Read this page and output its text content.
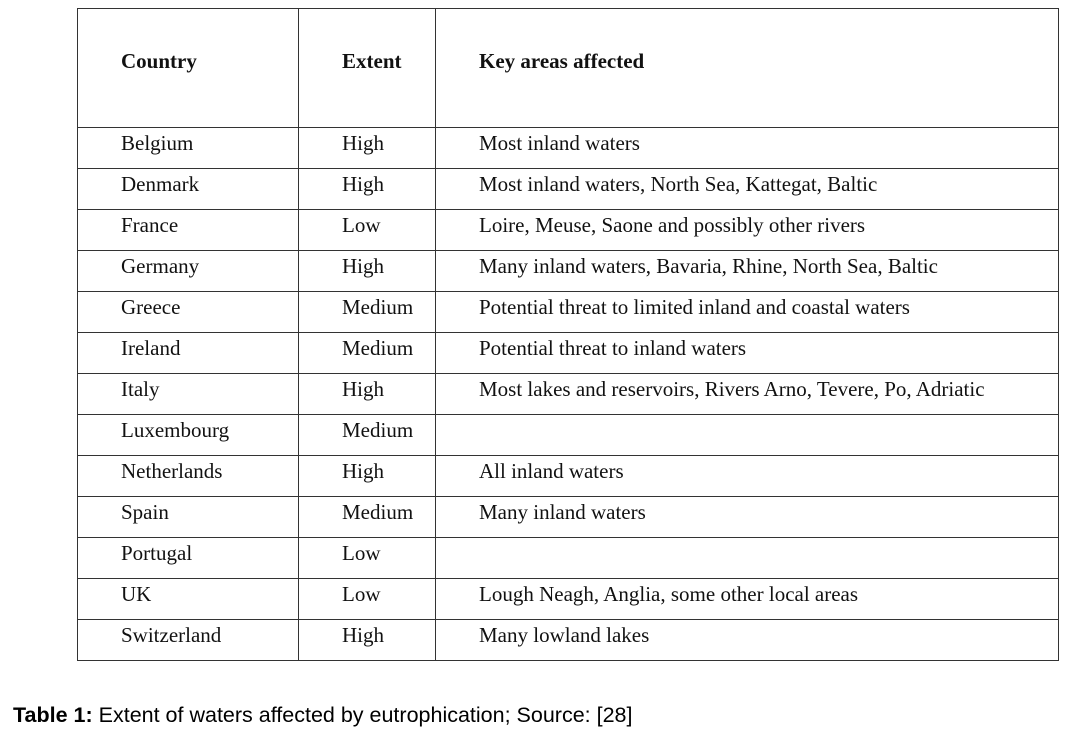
Country	Extent	Key areas affected
Belgium	High	Most inland waters
Denmark	High	Most inland waters, North Sea, Kattegat, Baltic
France	Low	Loire, Meuse, Saone and possibly other rivers
Germany	High	Many inland waters, Bavaria, Rhine, North Sea, Baltic
Greece	Medium	Potential threat to limited inland and coastal waters
Ireland	Medium	Potential threat to inland waters
Italy	High	Most lakes and reservoirs, Rivers Arno, Tevere, Po, Adriatic
Luxembourg	Medium	
Netherlands	High	All inland waters
Spain	Medium	Many inland waters
Portugal	Low	
UK	Low	Lough Neagh, Anglia, some other local areas
Switzerland	High	Many lowland lakes
Table 1: Extent of waters affected by eutrophication; Source: [28]
